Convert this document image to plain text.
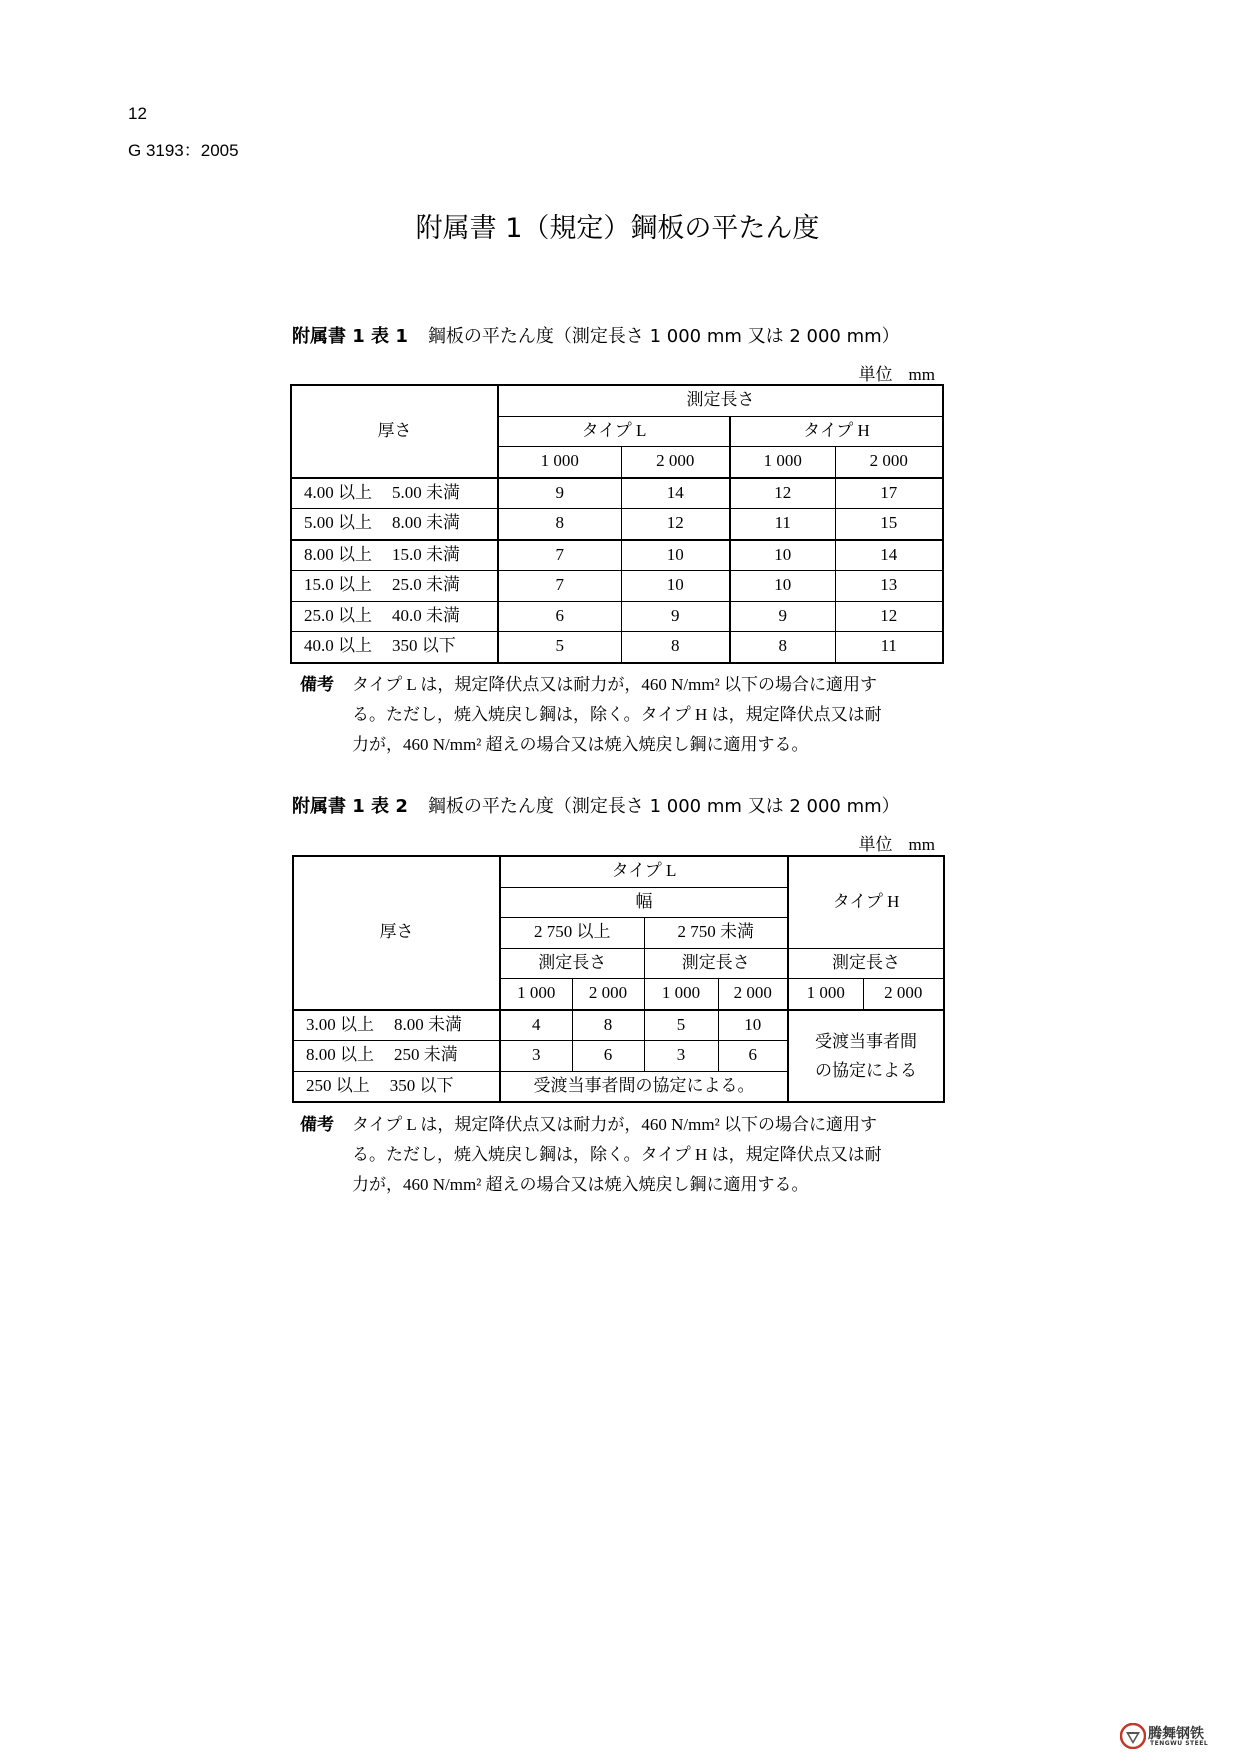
12
G 3193：2005
附属書 1（規定）鋼板の平たん度
附属書 1 表 1 鋼板の平たん度（測定長さ 1 000 mm 又は 2 000 mm）
単位 mm
厚さ	測定長さ			
	タイプ L		タイプ H	
	1 000	2 000	1 000	2 000
4.00 以上 5.00 未満	9	14	12	17
5.00 以上 8.00 未満	8	12	11	15
8.00 以上 15.0 未満	7	10	10	14
15.0 以上 25.0 未満	7	10	10	13
25.0 以上 40.0 未満	6	9	9	12
40.0 以上 350 以下	5	8	8	11
備考 タイプ L は，規定降伏点又は耐力が，460 N/mm² 以下の場合に適用す
る。ただし，焼入焼戻し鋼は，除く。タイプ H は，規定降伏点又は耐
力が，460 N/mm² 超えの場合又は焼入焼戻し鋼に適用する。
附属書 1 表 2 鋼板の平たん度（測定長さ 1 000 mm 又は 2 000 mm）
単位 mm
厚さ	タイプ L				タイプ H	
	幅					
	2 750 以上		2 750 未満			
	測定長さ		測定長さ		測定長さ	
	1 000	2 000	1 000	2 000	1 000	2 000
3.00 以上 8.00 未満	4	8	5	10	受渡当事者間
の協定による	
8.00 以上 250 未満	3	6	3	6		
250 以上 350 以下	受渡当事者間の協定による。					
備考 タイプ L は，規定降伏点又は耐力が，460 N/mm² 以下の場合に適用す
る。ただし，焼入焼戻し鋼は，除く。タイプ H は，規定降伏点又は耐
力が，460 N/mm² 超えの場合又は焼入焼戻し鋼に適用する。
腾舞钢铁
TENGWU STEEL
